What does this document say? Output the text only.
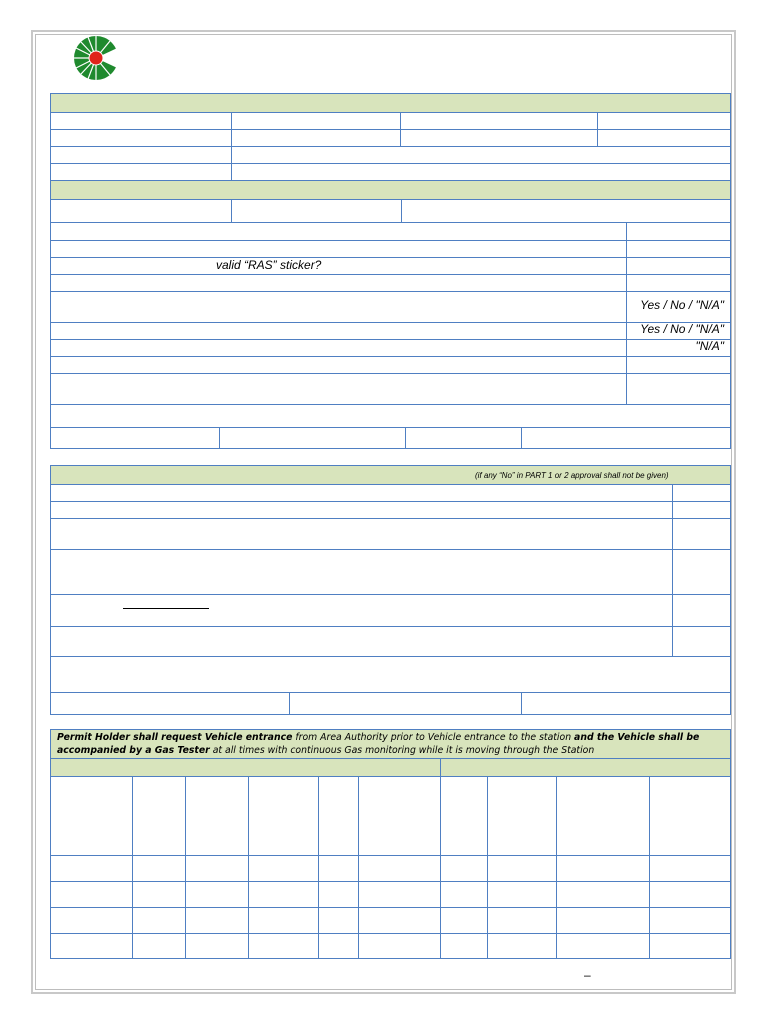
valid “RAS” sticker?
Yes / No / "N/A"
Yes / No / "N/A"
"N/A"
(if any “No” in PART 1 or 2 approval shall not be given)
Permit Holder shall request Vehicle entrance from Area Authority prior to Vehicle entrance to the station and the Vehicle shall be accompanied by a Gas Tester at all times with continuous Gas monitoring while it is moving through the Station
–
